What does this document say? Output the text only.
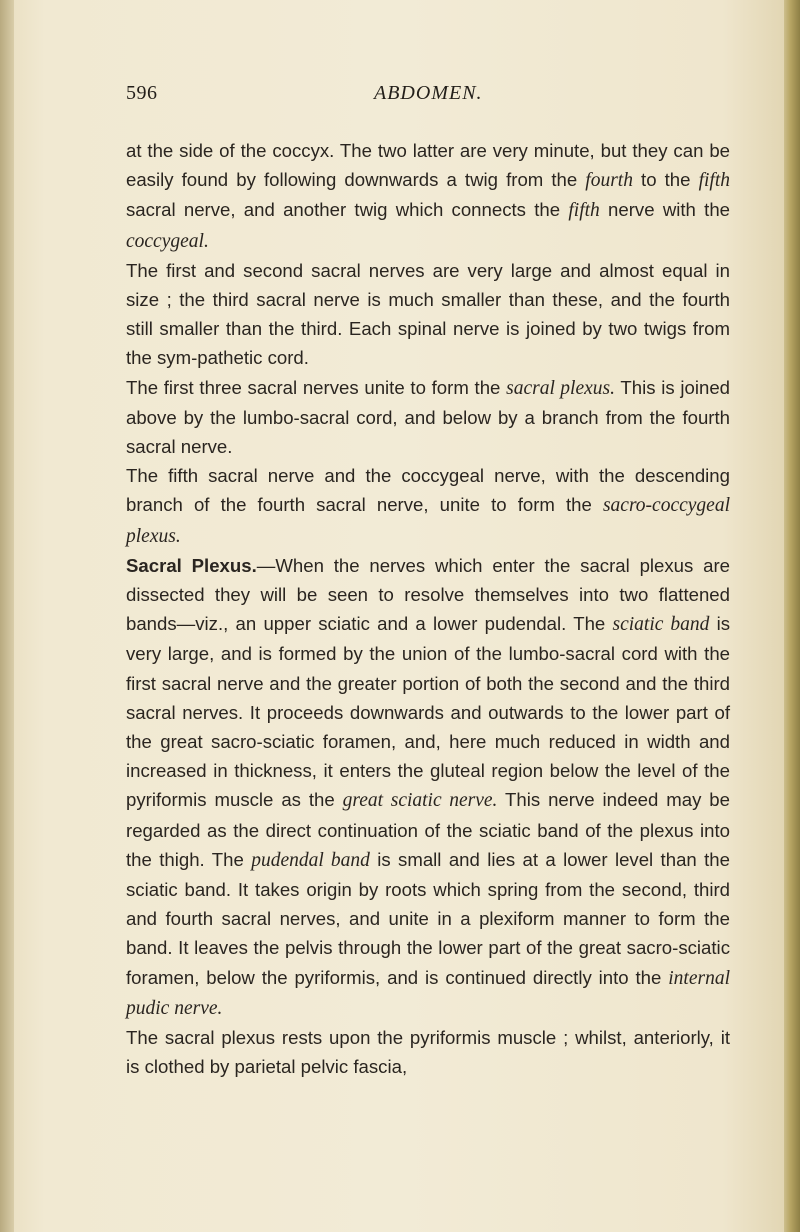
596	ABDOMEN.

at the side of the coccyx. The two latter are very minute, but they can be easily found by following downwards a twig from the fourth to the fifth sacral nerve, and another twig which connects the fifth nerve with the coccygeal.

The first and second sacral nerves are very large and almost equal in size ; the third sacral nerve is much smaller than these, and the fourth still smaller than the third. Each spinal nerve is joined by two twigs from the sym-pathetic cord.

The first three sacral nerves unite to form the sacral plexus. This is joined above by the lumbo-sacral cord, and below by a branch from the fourth sacral nerve.

The fifth sacral nerve and the coccygeal nerve, with the descending branch of the fourth sacral nerve, unite to form the sacro-coccygeal plexus.

Sacral Plexus.—When the nerves which enter the sacral plexus are dissected they will be seen to resolve themselves into two flattened bands—viz., an upper sciatic and a lower pudendal. The sciatic band is very large, and is formed by the union of the lumbo-sacral cord with the first sacral nerve and the greater portion of both the second and the third sacral nerves. It proceeds downwards and outwards to the lower part of the great sacro-sciatic foramen, and, here much reduced in width and increased in thickness, it enters the gluteal region below the level of the pyriformis muscle as the great sciatic nerve. This nerve indeed may be regarded as the direct continuation of the sciatic band of the plexus into the thigh. The pudendal band is small and lies at a lower level than the sciatic band. It takes origin by roots which spring from the second, third and fourth sacral nerves, and unite in a plexiform manner to form the band. It leaves the pelvis through the lower part of the great sacro-sciatic foramen, below the pyriformis, and is continued directly into the internal pudic nerve.

The sacral plexus rests upon the pyriformis muscle ; whilst, anteriorly, it is clothed by parietal pelvic fascia,
